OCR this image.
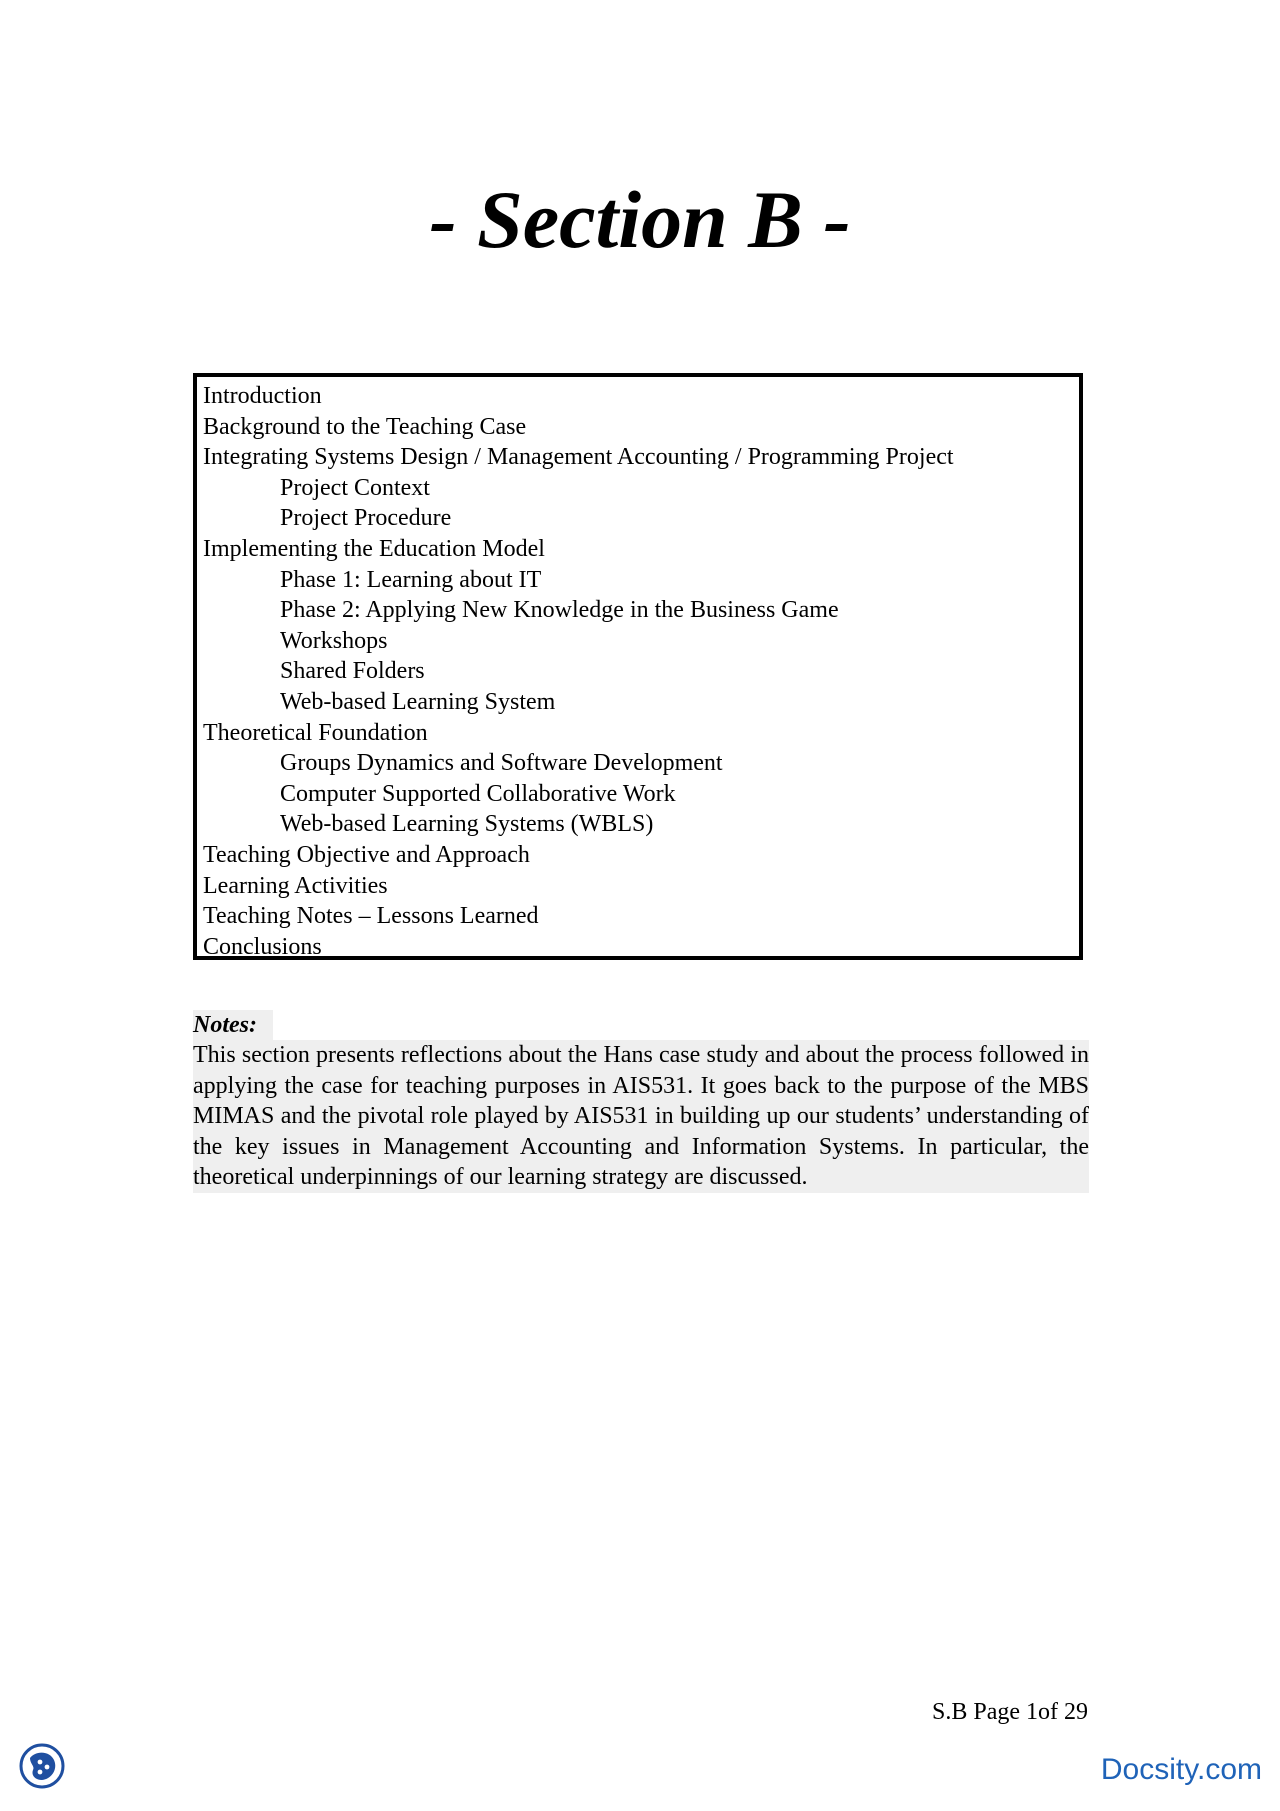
- Section B -
Introduction
Background to the Teaching Case
Integrating Systems Design / Management Accounting / Programming Project
Project Context
Project Procedure
Implementing the Education Model
Phase 1: Learning about IT
Phase 2: Applying New Knowledge in the Business Game
Workshops
Shared Folders
Web-based Learning System
Theoretical Foundation
Groups Dynamics and Software Development
Computer Supported Collaborative Work
Web-based Learning Systems (WBLS)
Teaching Objective and Approach
Learning Activities
Teaching Notes – Lessons Learned
Conclusions
Notes:

This section presents reflections about the Hans case study and about the process followed in applying the case for teaching purposes in AIS531. It goes back to the purpose of the MBS MIMAS and the pivotal role played by AIS531 in building up our students’ understanding of the key issues in Management Accounting and Information Systems. In particular, the theoretical underpinnings of our learning strategy are discussed.

S.B Page 1of 29
Docsity.com
